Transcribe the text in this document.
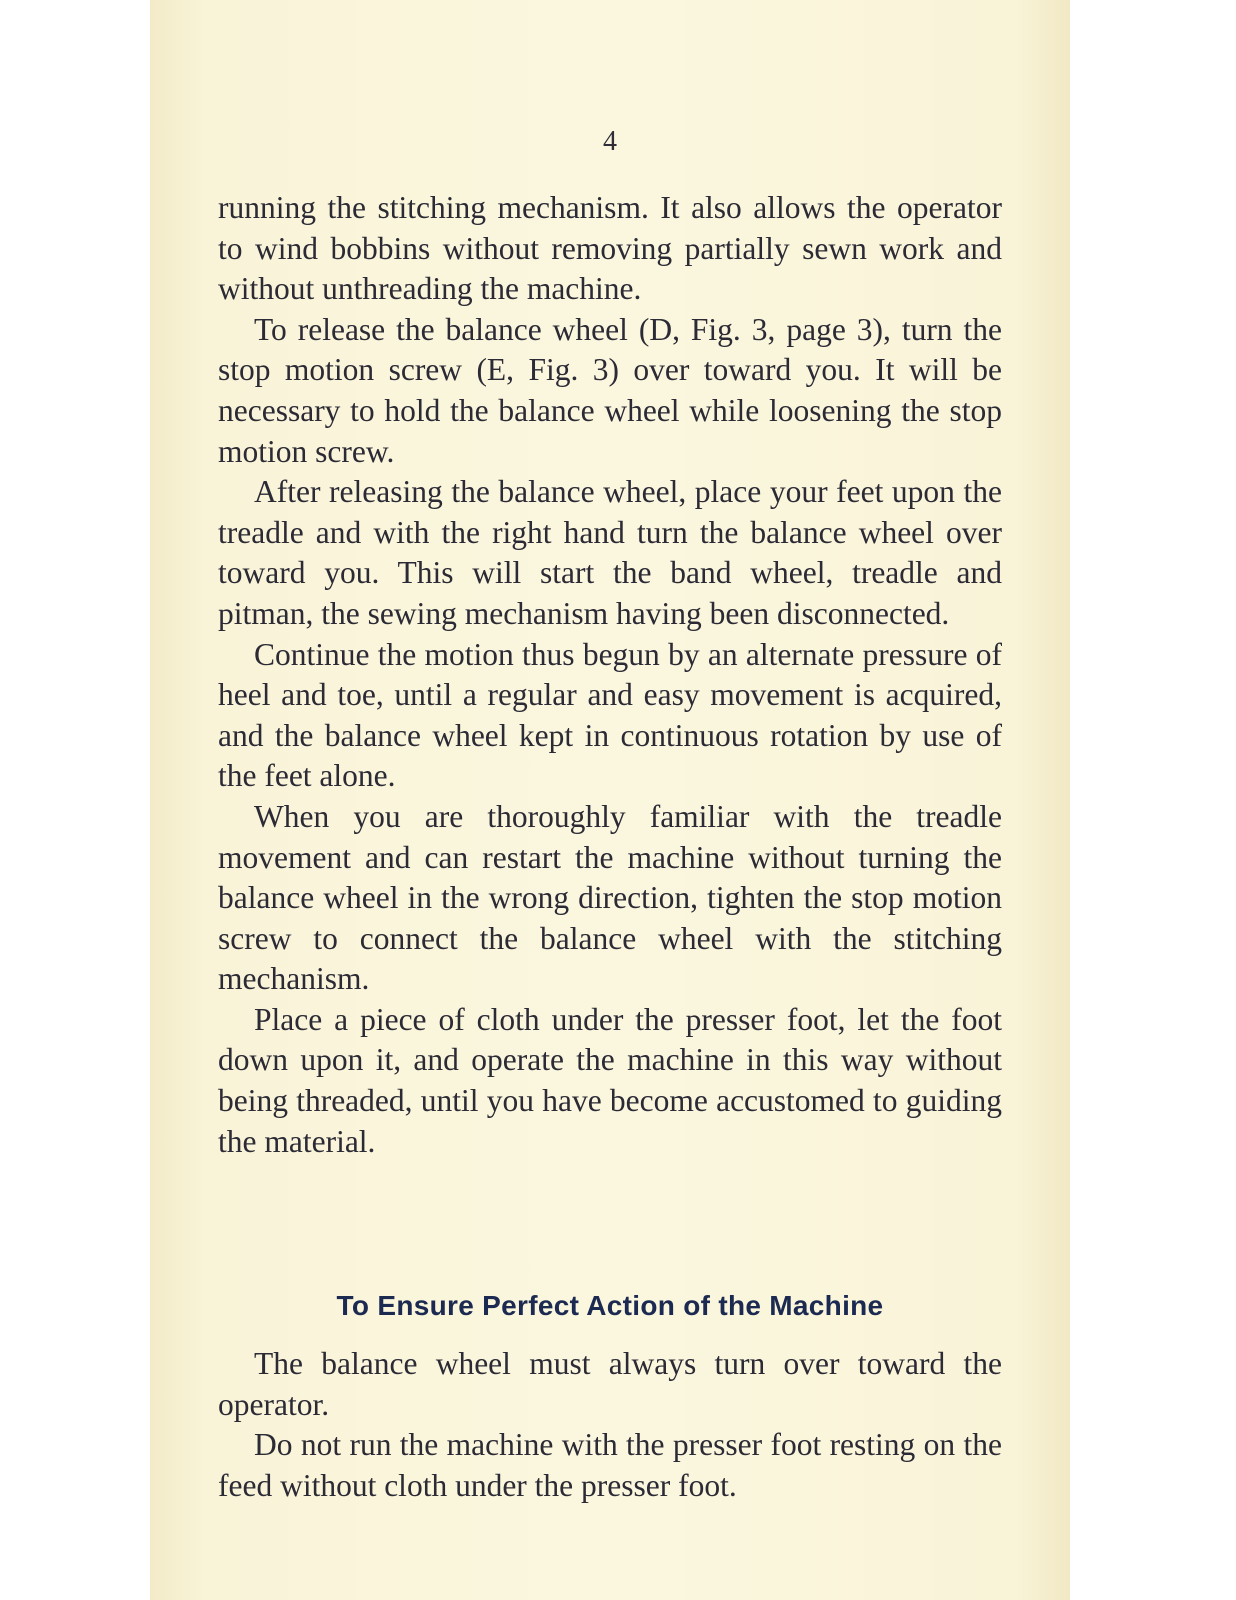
4

running the stitching mechanism. It also allows the operator to wind bobbins without removing partially sewn work and without unthreading the machine.

To release the balance wheel (D, Fig. 3, page 3), turn the stop motion screw (E, Fig. 3) over toward you. It will be necessary to hold the balance wheel while loosening the stop motion screw.

After releasing the balance wheel, place your feet upon the treadle and with the right hand turn the balance wheel over toward you. This will start the band wheel, treadle and pitman, the sewing mechanism having been disconnected.

Continue the motion thus begun by an alternate pressure of heel and toe, until a regular and easy movement is acquired, and the balance wheel kept in continuous rotation by use of the feet alone.

When you are thoroughly familiar with the treadle movement and can restart the machine without turning the balance wheel in the wrong direction, tighten the stop motion screw to connect the balance wheel with the stitching mechanism.

Place a piece of cloth under the presser foot, let the foot down upon it, and operate the machine in this way without being threaded, until you have become accustomed to guiding the material.

To Ensure Perfect Action of the Machine

The balance wheel must always turn over toward the operator.

Do not run the machine with the presser foot resting on the feed without cloth under the presser foot.
